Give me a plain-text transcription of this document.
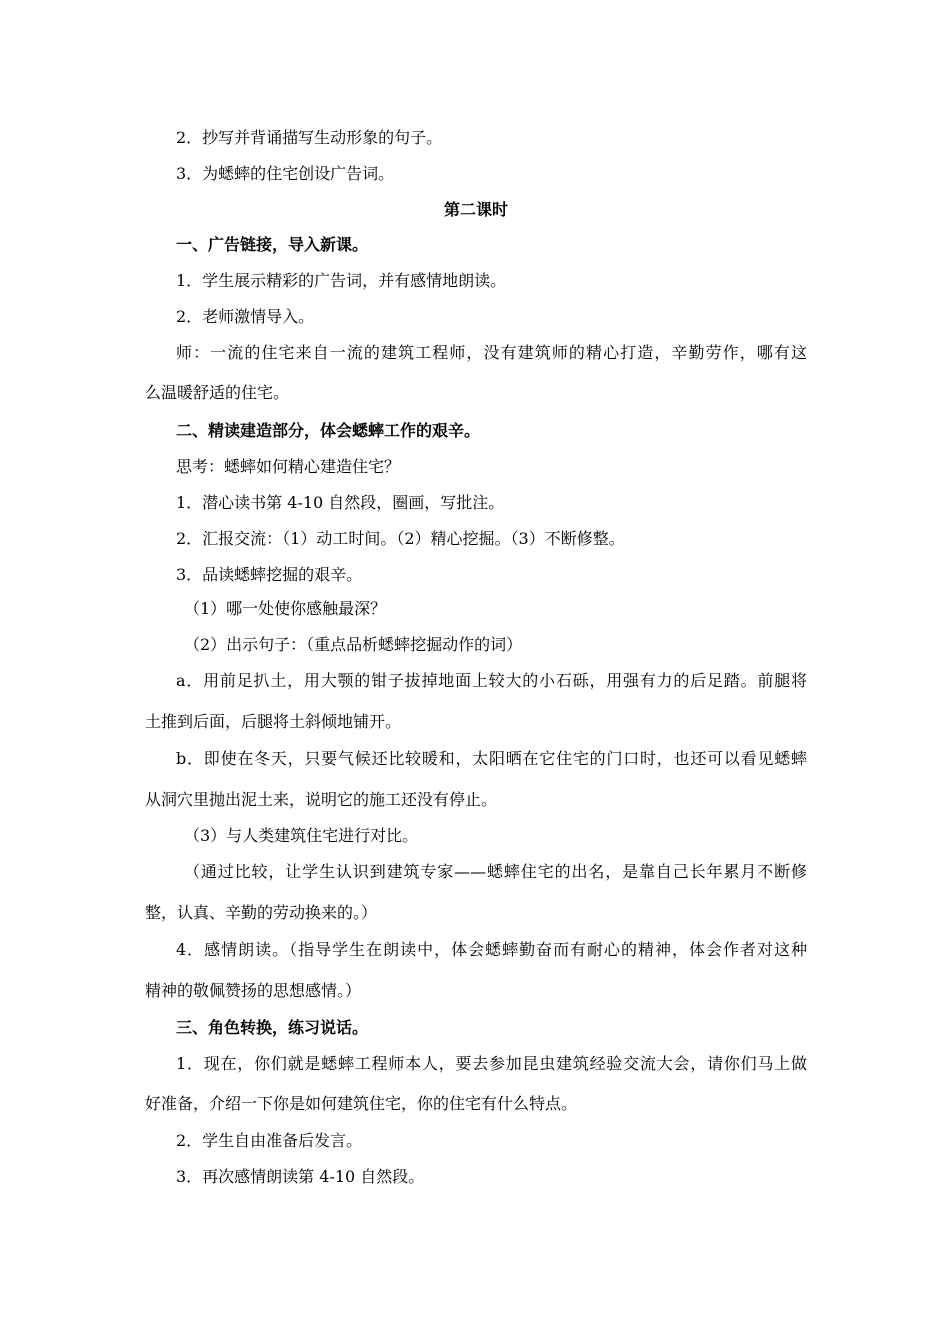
2．抄写并背诵描写生动形象的句子。
3．为蟋蟀的住宅创设广告词。
第二课时
一、广告链接，导入新课。
1．学生展示精彩的广告词，并有感情地朗读。
2．老师激情导入。
师：一流的住宅来自一流的建筑工程师，没有建筑师的精心打造，辛勤劳作，哪有这
么温暖舒适的住宅。
二、精读建造部分，体会蟋蟀工作的艰辛。
思考：蟋蟀如何精心建造住宅？
1．潜心读书第 4-10 自然段，圈画，写批注。
2．汇报交流：（1）动工时间。（2）精心挖掘。（3）不断修整。
3．品读蟋蟀挖掘的艰辛。
（1）哪一处使你感触最深？
（2）出示句子：（重点品析蟋蟀挖掘动作的词）
a．用前足扒土，用大颚的钳子拔掉地面上较大的小石砾，用强有力的后足踏。前腿将
土推到后面，后腿将土斜倾地铺开。
b．即使在冬天，只要气候还比较暖和，太阳晒在它住宅的门口时，也还可以看见蟋蟀
从洞穴里抛出泥土来，说明它的施工还没有停止。
（3）与人类建筑住宅进行对比。
（通过比较，让学生认识到建筑专家——蟋蟀住宅的出名，是靠自己长年累月不断修
整，认真、辛勤的劳动换来的。）
4．感情朗读。（指导学生在朗读中，体会蟋蟀勤奋而有耐心的精神，体会作者对这种
精神的敬佩赞扬的思想感情。）
三、角色转换，练习说话。
1．现在，你们就是蟋蟀工程师本人，要去参加昆虫建筑经验交流大会，请你们马上做
好准备，介绍一下你是如何建筑住宅，你的住宅有什么特点。
2．学生自由准备后发言。
3．再次感情朗读第 4-10 自然段。
